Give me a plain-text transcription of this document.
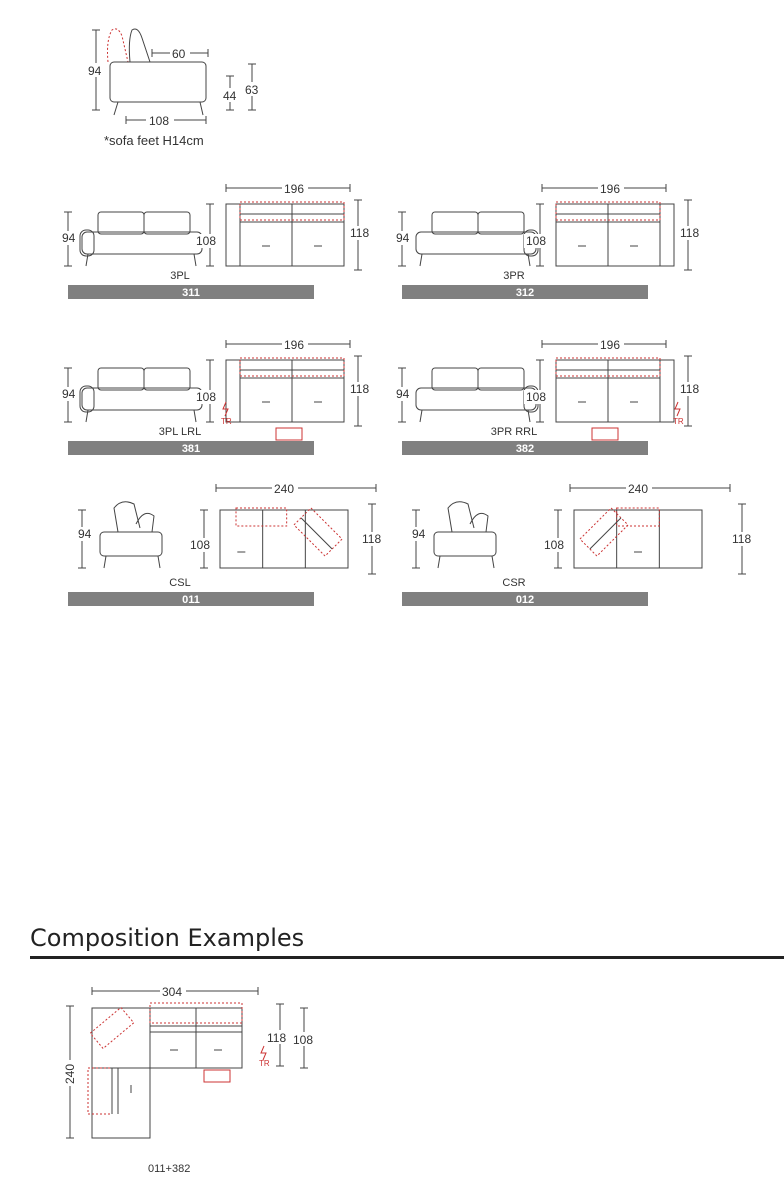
94
60
44 63
108
*sofa feet H14cm
94	108
196
118
3PL
311
94	108
196
118
3PR
312
94	108
196
118
TR
3PL LRL
381
94	108
196
118
TR
3PR RRL
382
94
108
240
118
CSL
011
94
108
240
118
CSR
012
304
240
118 108
TR
011+382
Composition Examples
